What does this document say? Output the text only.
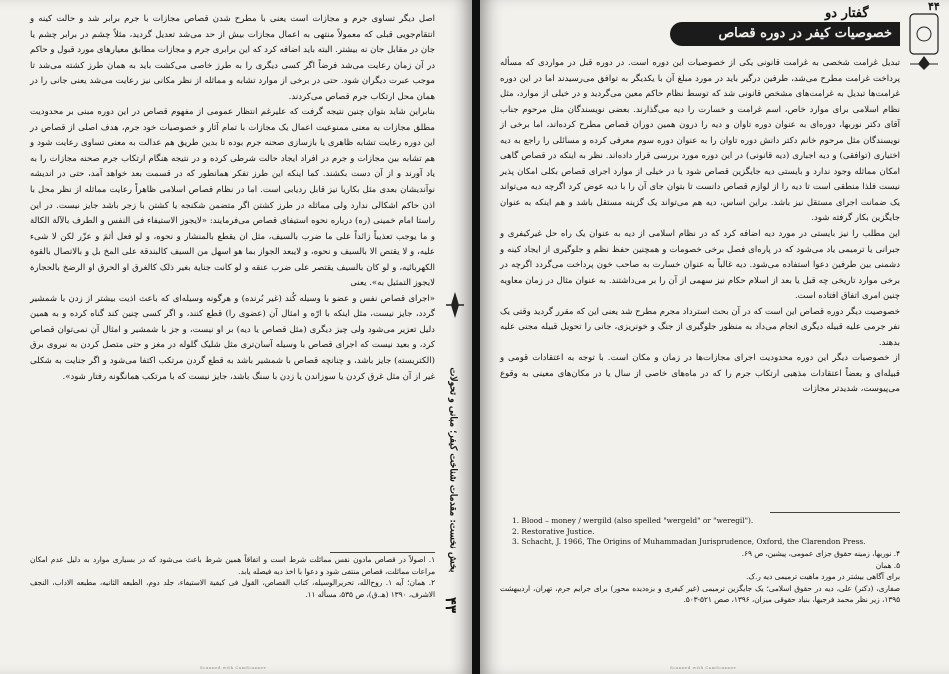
اصل دیگر تساوی جرم و مجازات است یعنی با مطرح شدن قصاص مجازات با جرم برابر شد و حالت کینه و انتقام‌جویی قبلی که معمولاً منتهی به اعمال مجازات بیش از حد می‌شد تعدیل گردید، مثلاً چشم در برابر چشم یا جان در مقابل جان نه بیشتر. البته باید اضافه کرد که این برابری جرم و مجازات مطابق معیارهای مورد قبول و حاکم در آن زمان رعایت می‌شد فرضاً اگر کسی دیگری را به طرز خاصی می‌کشت باید به همان طرز کشته می‌شد تا موجب عبرت دیگران شود. حتی در برخی از موارد تشابه و مماثله از نظر مکانی نیز رعایت می‌شد یعنی جانی را در همان محل ارتکاب جرم قصاص می‌کردند.

بنابراین شاید بتوان چنین نتیجه گرفت که علیرغم انتظار عمومی از مفهوم قصاص در این دوره مبنی بر محدودیت مطلق مجازات به معنی ممنوعیت اعمال یک مجازات با تمام آثار و خصوصیات خود جرم، هدف اصلی از قصاص در این دوره رعایت تشابه ظاهری یا بازسازی صحنه جرم بوده تا بدین طریق هم عدالت به معنی تساوی رعایت شود و هم تشابه بین مجازات و جرم در افراد ایجاد حالت شرطی کرده و در نتیجه هنگام ارتکاب جرم صحنه مجازات را به یاد آورند و از آن دست بکشند. کما اینکه این طرز تفکر همانطور که در قسمت بعد خواهد آمد، حتی در اندیشه نوآندیشان بعدی مثل بکاریا نیز قابل ردیابی است. اما در نظام قصاص اسلامی ظاهراً رعایت مماثله از نظر محل با اذن حاکم اشکالی ندارد ولی مماثله در طرز کشتن اگر متضمن شکنجه یا کشتن با زجر باشد جایز نیست. در این راستا امام خمینی (ره) درباره نحوه استیفای قصاص می‌فرمایند: «لایجوز الاستیفاء فی النفس و الطرف بالآلة الکالة و ما یوجب تعذیباً زائداً علی ما ضرب بالسیف، مثل ان یقطع بالمنشار و نحوه، و لو فعل أثمَ و عزّر لکن لا شیء علیه، و لا یقتص الا بالسیف و نحوه، و لایبعد الجواز بما هو اسهل من السیف کالبندقة علی المخ بل و بالاتصال بالقوة الکهربائیه، و لو کان بالسیف یقتصر علی ضرب عنقه و لو کانت جنایة بغیر ذلک کالغرق او الحرق او الرضخ بالحجارة لایجوز التمثیل به». یعنی

«اجرای قصاص نفس و عضو با وسیله کُند (غیر بُرنده) و هرگونه وسیله‌ای که باعث اذیت بیشتر از زدن با شمشیر گردد، جایز نیست، مثل اینکه با ارّه و امثال آن (عضوی را) قطع کنند، و اگر کسی چنین کند گناه کرده و به همین دلیل تعزیر می‌شود ولی چیز دیگری (مثل قصاص یا دیه) بر او نیست، و جز با شمشیر و امثال آن نمی‌توان قصاص کرد، و بعید نیست که اجرای قصاص با وسیله آسان‌تری مثل شلیک گلوله در مغز و حتی متصل کردن به نیروی برق (الکتریسته) جایز باشد، و چنانچه قصاص با شمشیر باشد به قطع گردن مرتکب اکتفا می‌شود و اگر جنایت به شکلی غیر از آن مثل غرق کردن یا سوزاندن یا زدن با سنگ باشد، جایز نیست که با مرتکب همانگونه رفتار شود».

۱. اصولاً در قصاص مادون نفس مماثلت شرط است و اتفاقاً همین شرط باعث می‌شود که در بسیاری موارد به دلیل عدم امکان مراعات مماثلت، قصاص منتفی شود و دعوا با اخذ دیه فیصله یابد.

۲. همان؛ آیه ۱. روح‌الله، تحریرالوسیله، کتاب القصاص، القول فی کیفیة الاستیفاء، جلد دوم، الطبعه الثانیه، مطبعه الاداب، النجف الاشرف، ۱۳۹۰ (هـ.ق)، ص ۵۳۵، مسأله ۱۱.

بخش نخست: مقدمات شناخت کیفر؛ مبانی و تحولات
۴۳
Scanned with CamScanner
۴۴
گفتار دو
خصوصیات کیفر در دوره قصاص

تبدیل غرامت شخصی به غرامت قانونی یکی از خصوصیات این دوره است. در دوره قبل در مواردی که مسأله پرداخت غرامت مطرح می‌شد، طرفین درگیر باید در مورد مبلغ آن با یکدیگر به توافق می‌رسیدند اما در این دوره غرامت‌ها تبدیل به غرامت‌های مشخص قانونی شد که توسط نظام حاکم معین می‌گردید و در خیلی از موارد، مثل نظام اسلامی برای موارد خاص، اسم غرامت و خسارت را دیه می‌گذارند. بعضی نویسندگان مثل مرحوم جناب آقای دکتر نوربها، دوره‌ای به عنوان دوره تاوان و دیه را درون همین دوران قصاص مطرح کرده‌اند، اما برخی از نویسندگان مثل مرحوم خانم دکتر دانش دوره تاوان را به عنوان دوره سوم معرفی کرده و مسائلی را راجع به دیه اختیاری (توافقی) و دیه اجباری (دیه قانونی) در این دوره مورد بررسی قرار داده‌اند. نظر به اینکه در قصاص گاهی امکان مماثله وجود ندارد و بایستی دیه جایگزین قصاص شود یا در خیلی از موارد اجرای قصاص بکلی امکان پذیر نیست فلذا منطقی است تا دیه را از لوازم قصاص دانست تا بتوان جای آن را با دیه عوض کرد اگرچه دیه می‌تواند یک ضمانت اجرای مستقل نیز باشد. براین اساس، دیه هم می‌تواند یک گزینه مستقل باشد و هم اینکه به عنوان جایگزین بکار گرفته شود.

این مطلب را نیز بایستی در مورد دیه اضافه کرد که در نظام اسلامی از دیه به عنوان یک راه حل غیرکیفری و جبرانی یا ترمیمی یاد می‌شود که در پاره‌ای فصل برخی خصومات و همچنین حفظ نظم و جلوگیری از ایجاد کینه و دشمنی بین طرفین دعوا استفاده می‌شود. دیه غالباً به عنوان خسارت به صاحب خون پرداخت می‌گردد اگرچه در برخی موارد تاریخی چه قبل یا بعد از اسلام حکام نیز سهمی از آن را بر می‌داشتند. به عنوان مثال در زمان معاویه چنین امری اتفاق افتاده است.

خصوصیت دیگر دوره قصاص این است که در آن بحث استرداد مجرم مطرح شد یعنی این که مقرر گردید وقتی یک نفر جرمی علیه قبیله دیگری انجام می‌داد به منظور جلوگیری از جنگ و خونریزی، جانی را تحویل قبیله مجنی علیه بدهند.

از خصوصیات دیگر این دوره محدودیت اجرای مجازات‌ها در زمان و مکان است. با توجه به اعتقادات قومی و قبیله‌ای و بعضاً اعتقادات مذهبی ارتکاب جرم را که در ماه‌های خاصی از سال یا در مکان‌های معینی به وقوع می‌پیوست، شدیدتر مجازات

1. Blood – money / wergild (also spelled "wergeld" or "weregil").

2. Restorative Justice.

3. Schacht, J. 1966, The Origins of Muhammadan Jurisprudence, Oxford, the Clarendon Press.

۴. نوربها، زمینه حقوق جزای عمومی، پیشین، ص ۶۹.

۵. همان

برای آگاهی بیشتر در مورد ماهیت ترمیمی دیه ر.ک.

صفاری، (دکتر) علی، دیه در حقوق اسلامی؛ یک جایگزین ترمیمی (غیر کیفری و بزه‌دیده محور) برای جرایم جرم، تهران، اردیبهشت ۱۳۹۵، زیر نظر محمد فرجیها، بنیاد حقوقی میزان، ۱۳۹۶، صص ۵۲۱-۵۰۳.

Scanned with CamScanner
